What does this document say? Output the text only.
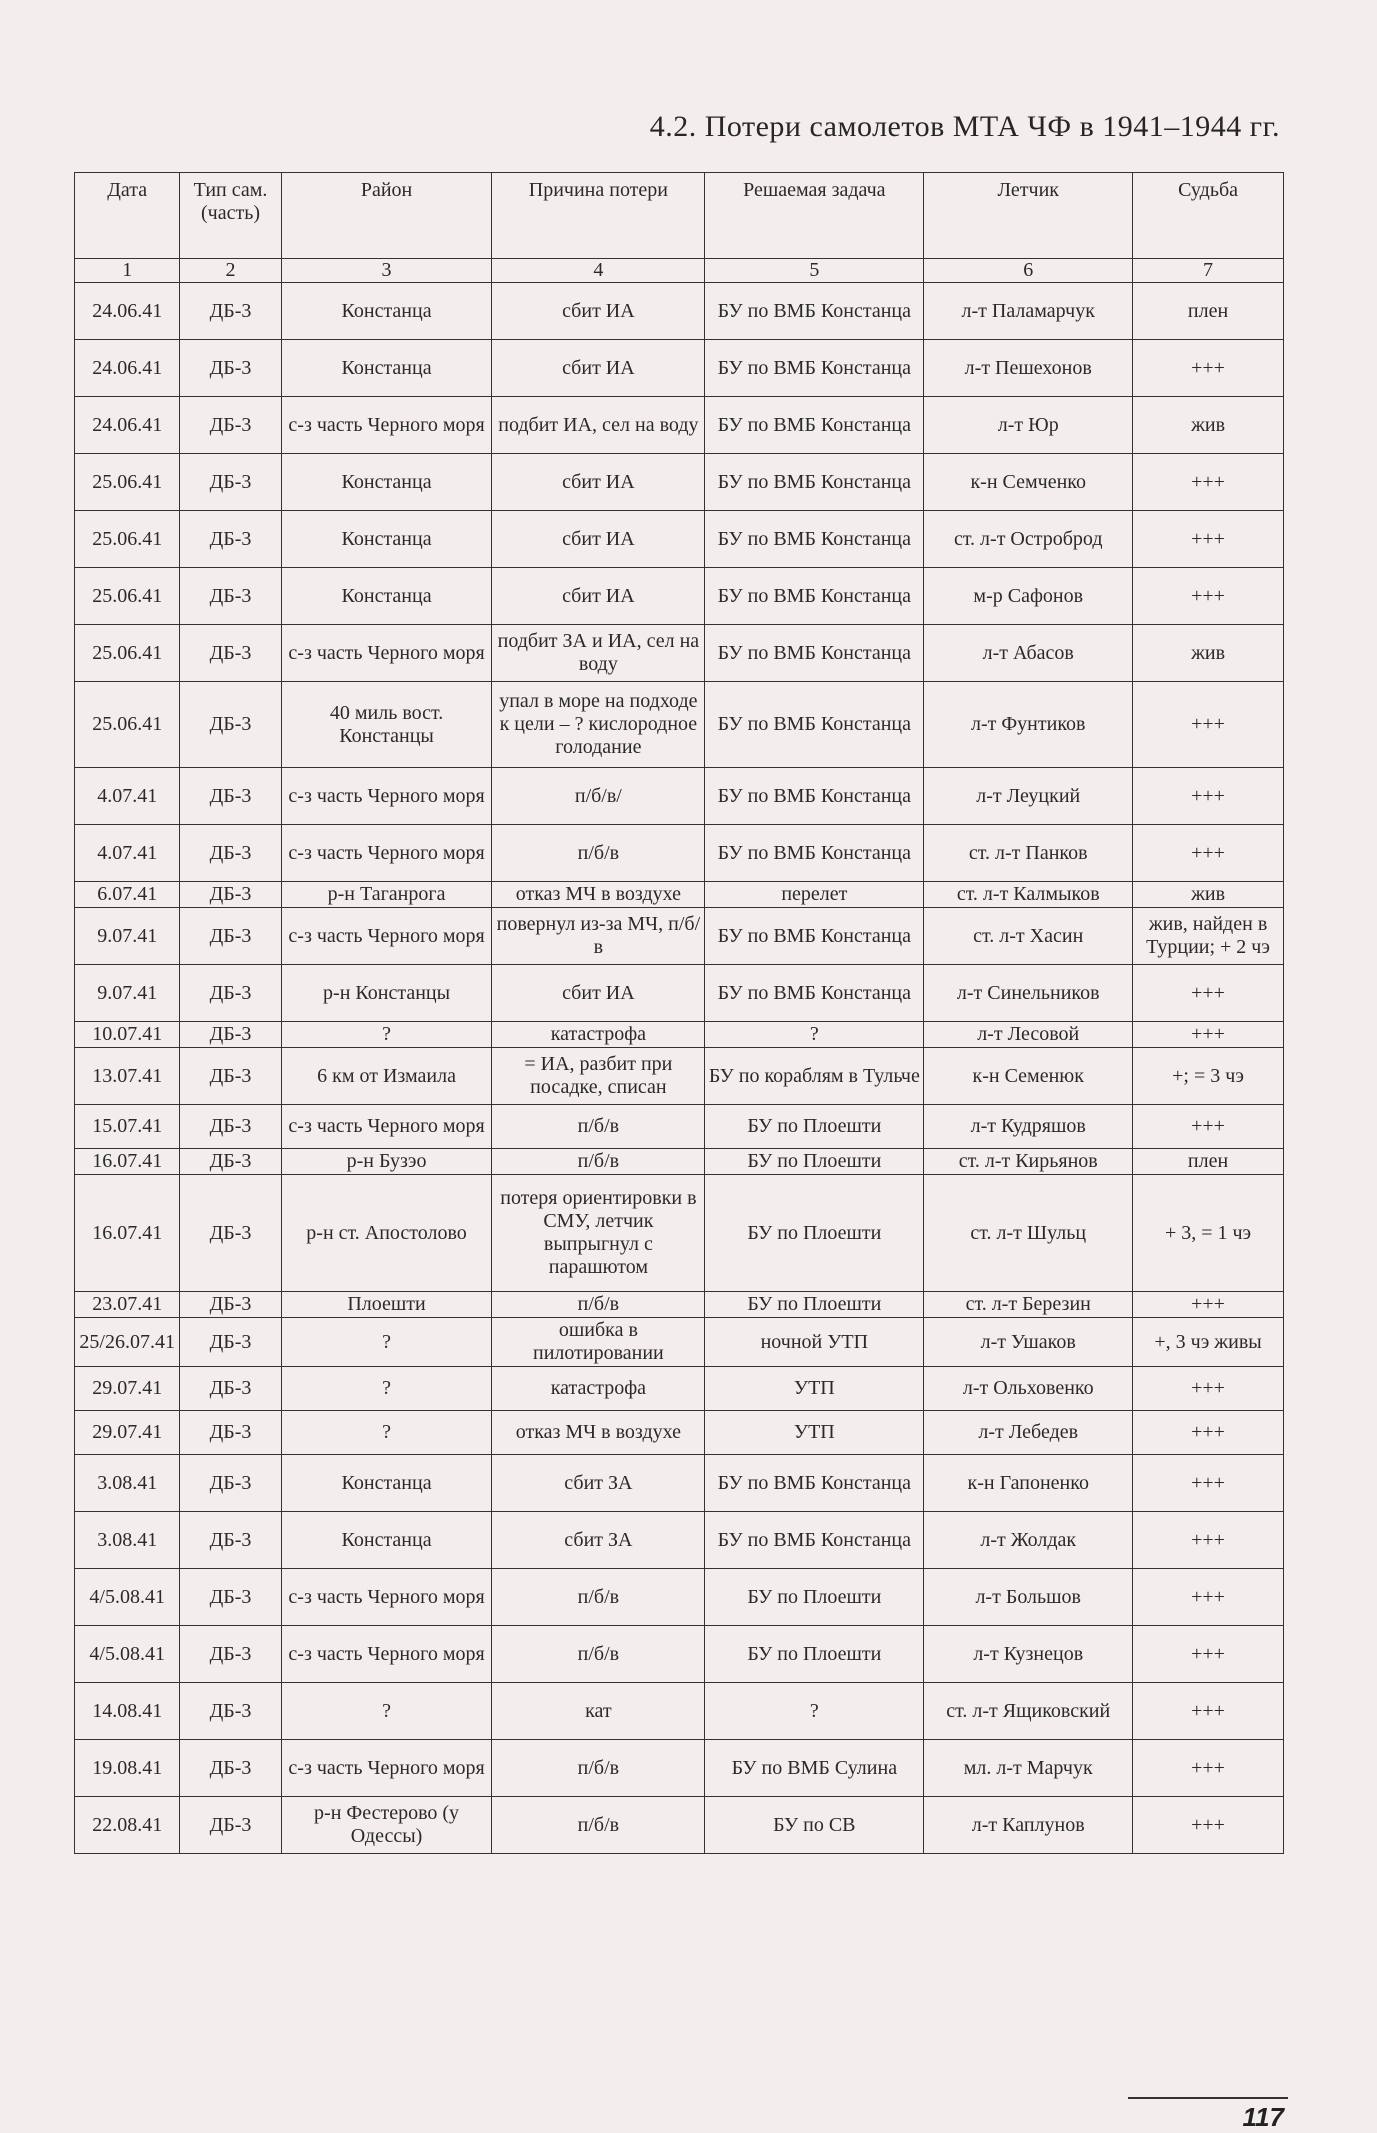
4.2. Потери самолетов МТА ЧФ в 1941–1944 гг.
Дата	Тип сам. (часть)	Район	Причина потери	Решаемая задача	Летчик	Судьба
1	2	3	4	5	6	7
24.06.41	ДБ-3	Констанца	сбит ИА	БУ по ВМБ Констанца	л-т Паламарчук	плен
24.06.41	ДБ-3	Констанца	сбит ИА	БУ по ВМБ Констанца	л-т Пешехонов	+++
24.06.41	ДБ-3	с-з часть Черного моря	подбит ИА, сел на воду	БУ по ВМБ Констанца	л-т Юр	жив
25.06.41	ДБ-3	Констанца	сбит ИА	БУ по ВМБ Констанца	к-н Семченко	+++
25.06.41	ДБ-3	Констанца	сбит ИА	БУ по ВМБ Констанца	ст. л-т Остроброд	+++
25.06.41	ДБ-3	Констанца	сбит ИА	БУ по ВМБ Констанца	м-р Сафонов	+++
25.06.41	ДБ-3	с-з часть Черного моря	подбит ЗА и ИА, сел на воду	БУ по ВМБ Констанца	л-т Абасов	жив
25.06.41	ДБ-3	40 миль вост. Констанцы	упал в море на подходе к цели – ? кислородное голодание	БУ по ВМБ Констанца	л-т Фунтиков	+++
4.07.41	ДБ-3	с-з часть Черного моря	п/б/в/	БУ по ВМБ Констанца	л-т Леуцкий	+++
4.07.41	ДБ-3	с-з часть Черного моря	п/б/в	БУ по ВМБ Констанца	ст. л-т Панков	+++
6.07.41	ДБ-3	р-н Таганрога	отказ МЧ в воздухе	перелет	ст. л-т Калмыков	жив
9.07.41	ДБ-3	с-з часть Черного моря	повернул из-за МЧ, п/б/в	БУ по ВМБ Констанца	ст. л-т Хасин	жив, найден в Турции; + 2 чэ
9.07.41	ДБ-3	р-н Констанцы	сбит ИА	БУ по ВМБ Констанца	л-т Синельников	+++
10.07.41	ДБ-3	?	катастрофа	?	л-т Лесовой	+++
13.07.41	ДБ-3	6 км от Измаила	= ИА, разбит при посадке, списан	БУ по кораблям в Тульче	к-н Семенюк	+; = 3 чэ
15.07.41	ДБ-3	с-з часть Черного моря	п/б/в	БУ по Плоешти	л-т Кудряшов	+++
16.07.41	ДБ-3	р-н Бузэо	п/б/в	БУ по Плоешти	ст. л-т Кирьянов	плен
16.07.41	ДБ-3	р-н ст. Апостолово	потеря ориентировки в СМУ, летчик выпрыгнул с парашютом	БУ по Плоешти	ст. л-т Шульц	+ 3, = 1 чэ
23.07.41	ДБ-3	Плоешти	п/б/в	БУ по Плоешти	ст. л-т Березин	+++
25/26.07.41	ДБ-3	?	ошибка в пилотировании	ночной УТП	л-т Ушаков	+, 3 чэ живы
29.07.41	ДБ-3	?	катастрофа	УТП	л-т Ольховенко	+++
29.07.41	ДБ-3	?	отказ МЧ в воздухе	УТП	л-т Лебедев	+++
3.08.41	ДБ-3	Констанца	сбит ЗА	БУ по ВМБ Констанца	к-н Гапоненко	+++
3.08.41	ДБ-3	Констанца	сбит ЗА	БУ по ВМБ Констанца	л-т Жолдак	+++
4/5.08.41	ДБ-3	с-з часть Черного моря	п/б/в	БУ по Плоешти	л-т Большов	+++
4/5.08.41	ДБ-3	с-з часть Черного моря	п/б/в	БУ по Плоешти	л-т Кузнецов	+++
14.08.41	ДБ-3	?	кат	?	ст. л-т Ящиковский	+++
19.08.41	ДБ-3	с-з часть Черного моря	п/б/в	БУ по ВМБ Сулина	мл. л-т Марчук	+++
22.08.41	ДБ-3	р-н Фестерово (у Одессы)	п/б/в	БУ по СВ	л-т Каплунов	+++
117
